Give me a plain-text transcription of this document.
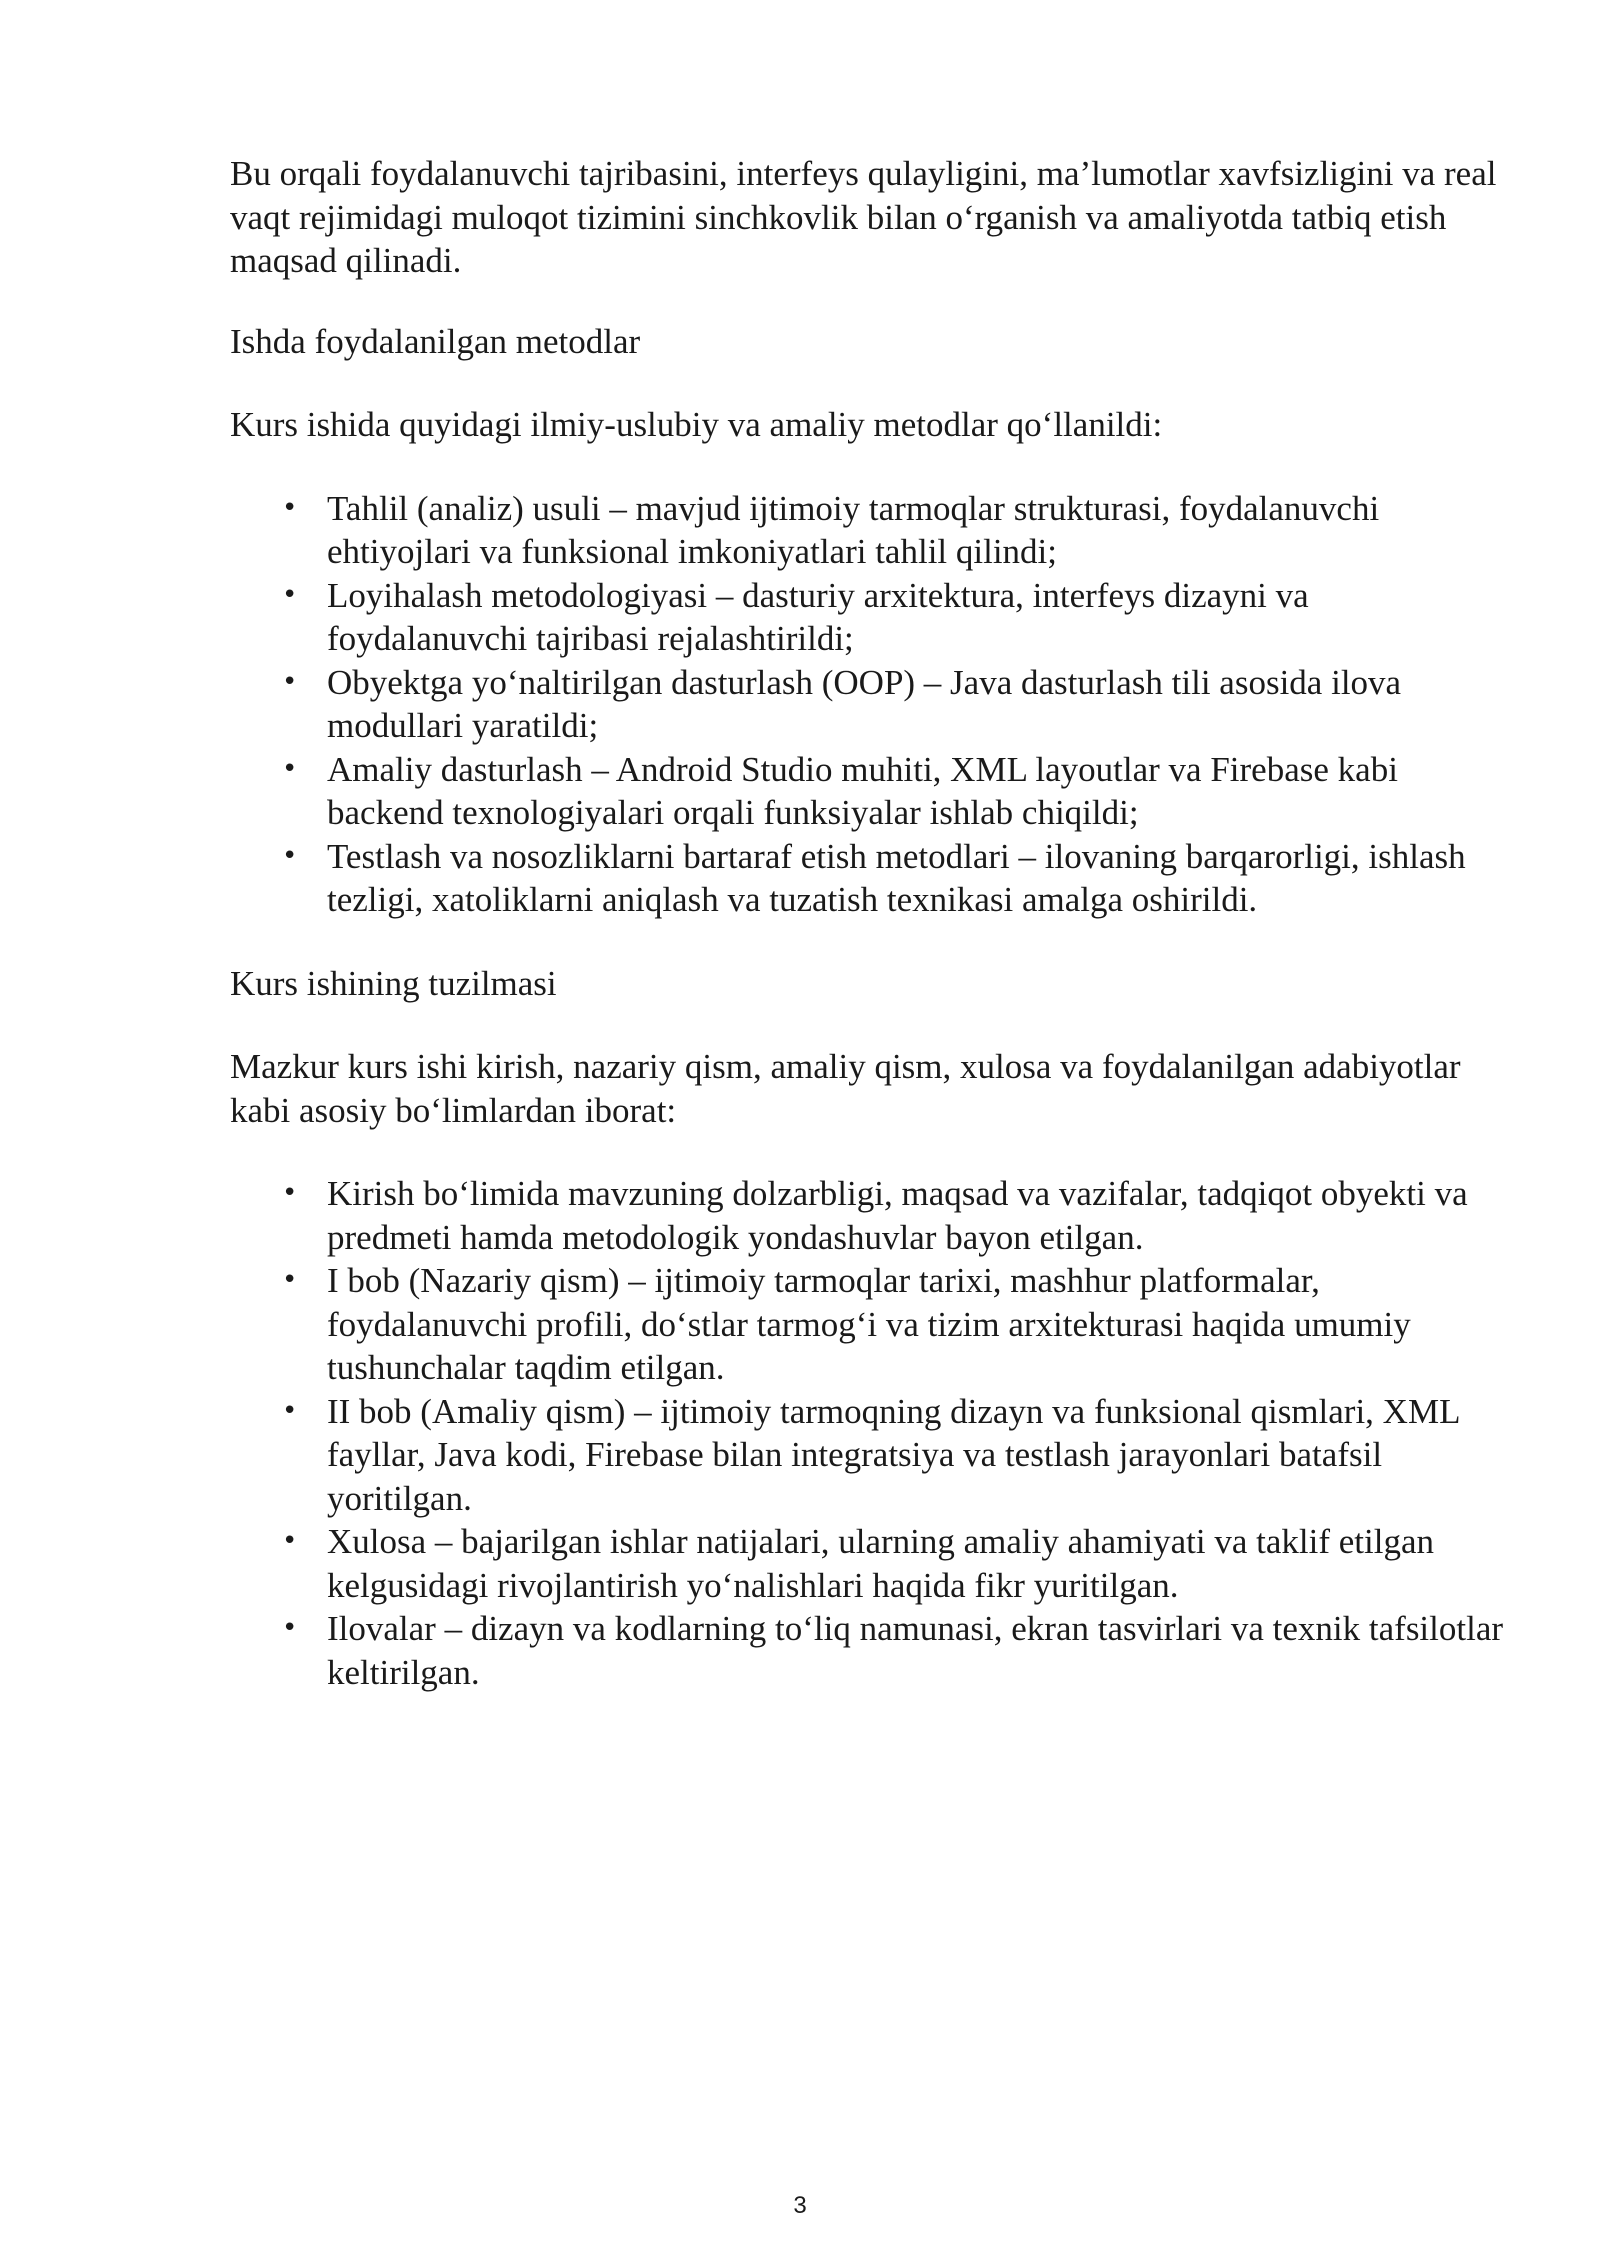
Bu orqali foydalanuvchi tajribasini, interfeys qulayligini, ma’lumotlar xavfsizligini va real vaqt rejimidagi muloqot tizimini sinchkovlik bilan o‘rganish va amaliyotda tatbiq etish maqsad qilinadi.

Ishda foydalanilgan metodlar

Kurs ishida quyidagi ilmiy-uslubiy va amaliy metodlar qo‘llanildi:

• Tahlil (analiz) usuli – mavjud ijtimoiy tarmoqlar strukturasi, foydalanuvchi ehtiyojlari va funksional imkoniyatlari tahlil qilindi;
• Loyihalash metodologiyasi – dasturiy arxitektura, interfeys dizayni va foydalanuvchi tajribasi rejalashtirildi;
• Obyektga yo‘naltirilgan dasturlash (OOP) – Java dasturlash tili asosida ilova modullari yaratildi;
• Amaliy dasturlash – Android Studio muhiti, XML layoutlar va Firebase kabi backend texnologiyalari orqali funksiyalar ishlab chiqildi;
• Testlash va nosozliklarni bartaraf etish metodlari – ilovaning barqarorligi, ishlash tezligi, xatoliklarni aniqlash va tuzatish texnikasi amalga oshirildi.

Kurs ishining tuzilmasi

Mazkur kurs ishi kirish, nazariy qism, amaliy qism, xulosa va foydalanilgan adabiyotlar kabi asosiy bo‘limlardan iborat:

• Kirish bo‘limida mavzuning dolzarbligi, maqsad va vazifalar, tadqiqot obyekti va predmeti hamda metodologik yondashuvlar bayon etilgan.
• I bob (Nazariy qism) – ijtimoiy tarmoqlar tarixi, mashhur platformalar, foydalanuvchi profili, do‘stlar tarmog‘i va tizim arxitekturasi haqida umumiy tushunchalar taqdim etilgan.
• II bob (Amaliy qism) – ijtimoiy tarmoqning dizayn va funksional qismlari, XML fayllar, Java kodi, Firebase bilan integratsiya va testlash jarayonlari batafsil yoritilgan.
• Xulosa – bajarilgan ishlar natijalari, ularning amaliy ahamiyati va taklif etilgan kelgusidagi rivojlantirish yo‘nalishlari haqida fikr yuritilgan.
• Ilovalar – dizayn va kodlarning to‘liq namunasi, ekran tasvirlari va texnik tafsilotlar keltirilgan.
3
